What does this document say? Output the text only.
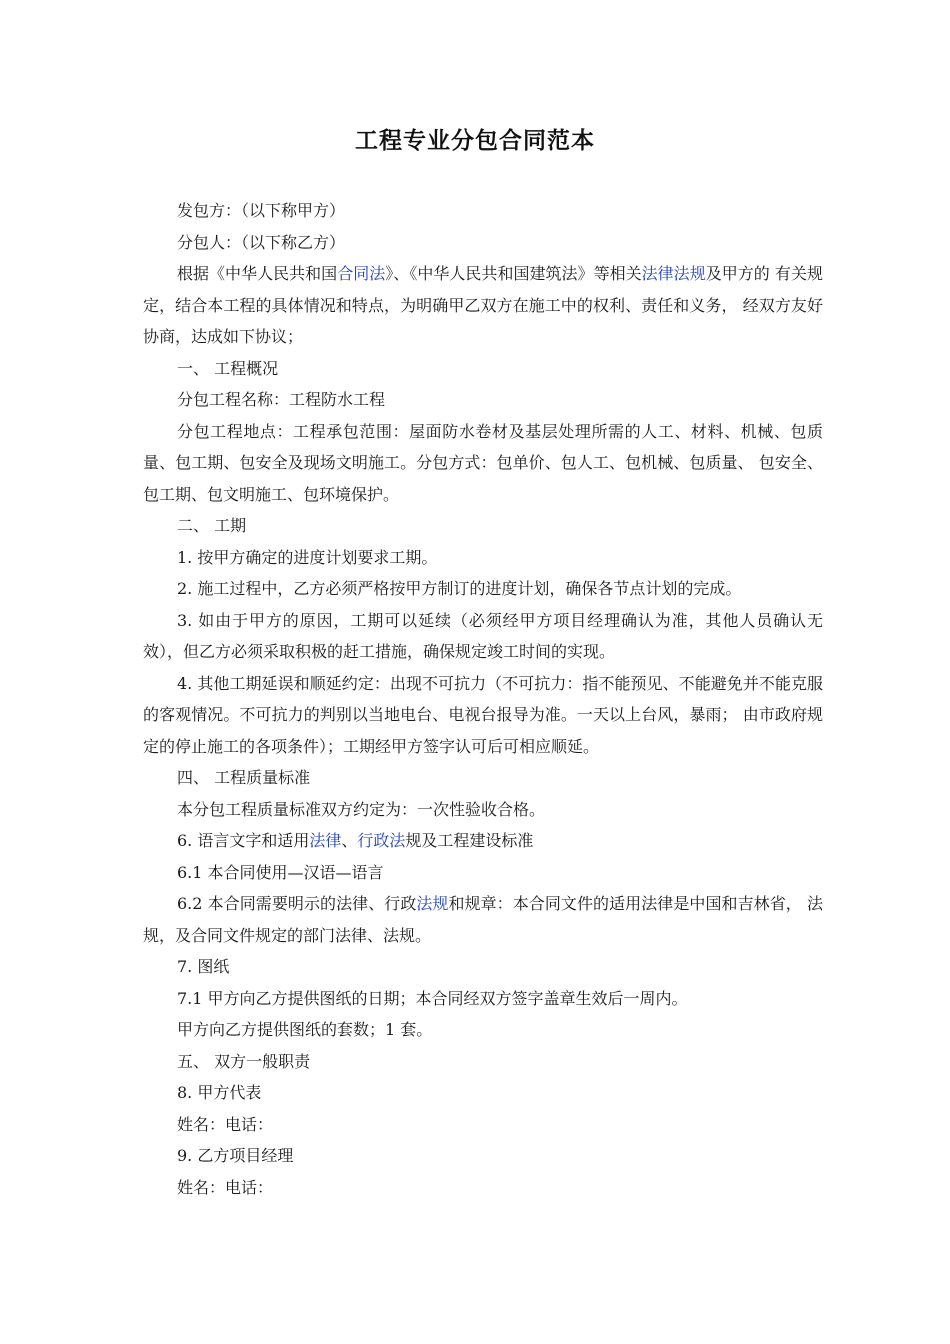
工程专业分包合同范本

发包方：（以下称甲方）

分包人：（以下称乙方）

根据《中华人民共和国合同法》、《中华人民共和国建筑法》等相关法律法规及甲方的 有关规定，结合本工程的具体情况和特点，为明确甲乙双方在施工中的权利、责任和义务， 经双方友好协商，达成如下协议；

一、 工程概况

分包工程名称：工程防水工程

分包工程地点：工程承包范围：屋面防水卷材及基层处理所需的人工、材料、机械、包质量、包工期、包安全及现场文明施工。分包方式：包单价、包人工、包机械、包质量、 包安全、包工期、包文明施工、包环境保护。

二、 工期

1. 按甲方确定的进度计划要求工期。

2. 施工过程中，乙方必须严格按甲方制订的进度计划，确保各节点计划的完成。

3. 如由于甲方的原因，工期可以延续（必须经甲方项目经理确认为准，其他人员确认无效），但乙方必须采取积极的赶工措施，确保规定竣工时间的实现。

4. 其他工期延误和顺延约定：出现不可抗力（不可抗力：指不能预见、不能避免并不能克服的客观情况。不可抗力的判别以当地电台、电视台报导为准。一天以上台风，暴雨； 由市政府规定的停止施工的各项条件）；工期经甲方签字认可后可相应顺延。

四、 工程质量标准

本分包工程质量标准双方约定为：一次性验收合格。

6. 语言文字和适用法律、行政法规及工程建设标准

6.1 本合同使用—汉语—语言

6.2 本合同需要明示的法律、行政法规和规章：本合同文件的适用法律是中国和吉林省， 法规，及合同文件规定的部门法律、法规。

7. 图纸

7.1 甲方向乙方提供图纸的日期；本合同经双方签字盖章生效后一周内。

甲方向乙方提供图纸的套数；1 套。

五、 双方一般职责

8. 甲方代表

姓名：电话：

9. 乙方项目经理

姓名：电话：
